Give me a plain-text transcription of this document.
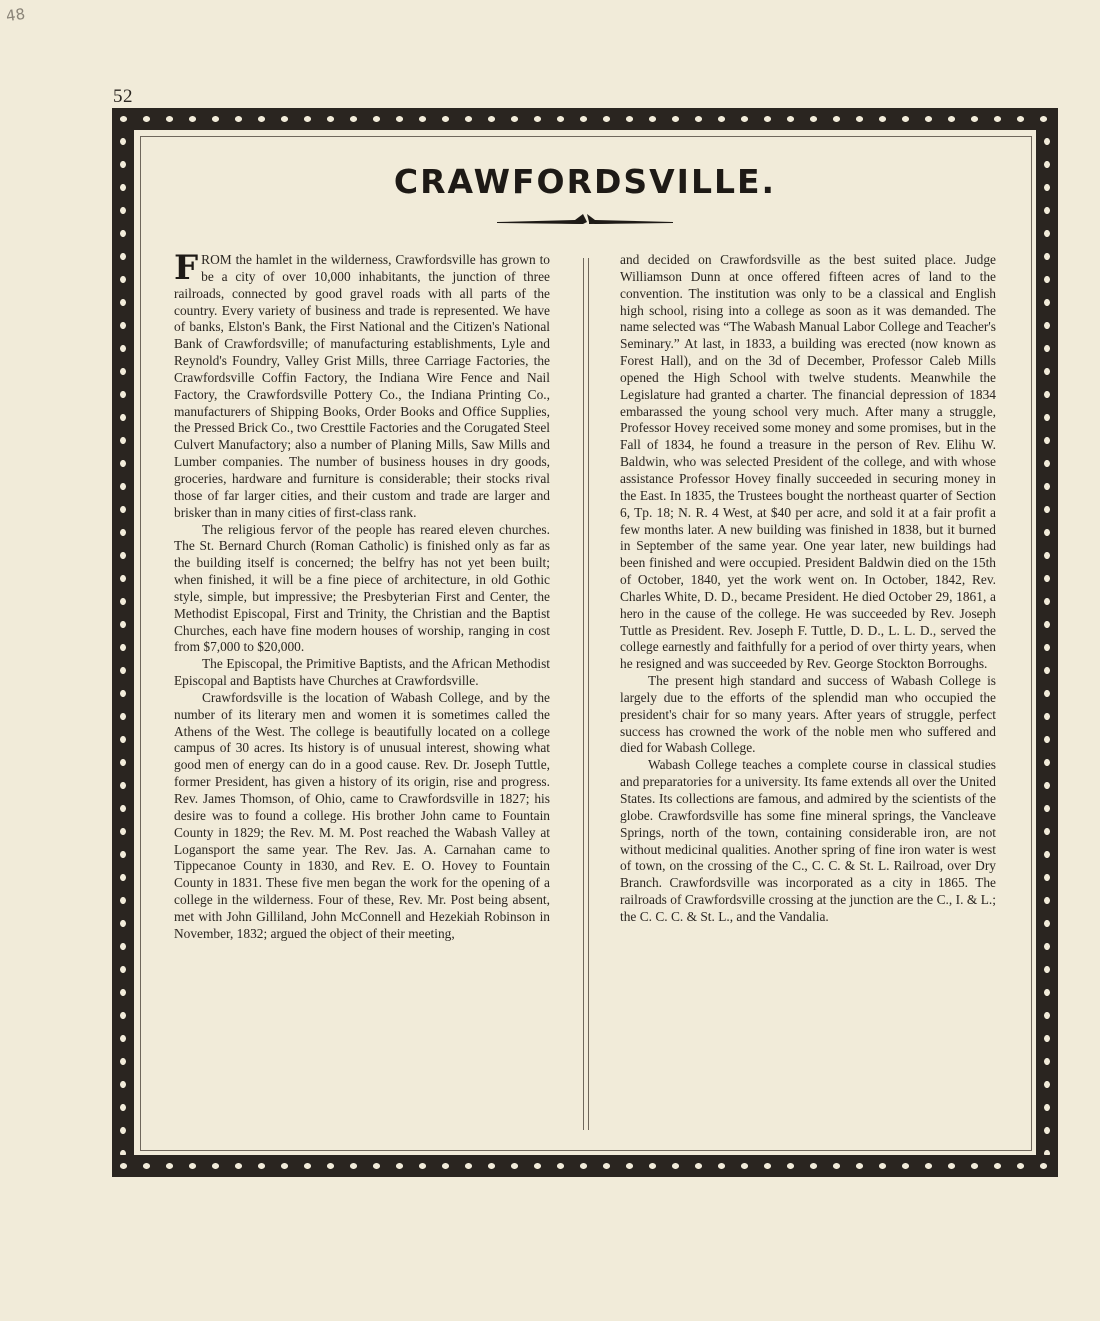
48
52
CRAWFORDSVILLE.

FROM the hamlet in the wilderness, Crawfordsville has grown to be a city of over 10,000 inhabitants, the junction of three railroads, connected by good gravel roads with all parts of the country. Every variety of business and trade is represented. We have of banks, Elston's Bank, the First National and the Citizen's National Bank of Crawfordsville; of manufacturing establishments, Lyle and Reynold's Foundry, Valley Grist Mills, three Carriage Factories, the Crawfordsville Coffin Factory, the Indiana Wire Fence and Nail Factory, the Crawfordsville Pottery Co., the Indiana Printing Co., manufacturers of Shipping Books, Order Books and Office Supplies, the Pressed Brick Co., two Cresttile Factories and the Corugated Steel Culvert Manufactory; also a number of Planing Mills, Saw Mills and Lumber companies. The number of business houses in dry goods, groceries, hardware and furniture is considerable; their stocks rival those of far larger cities, and their custom and trade are larger and brisker than in many cities of first-class rank.

The religious fervor of the people has reared eleven churches. The St. Bernard Church (Roman Catholic) is finished only as far as the building itself is concerned; the belfry has not yet been built; when finished, it will be a fine piece of architecture, in old Gothic style, simple, but impressive; the Presbyterian First and Center, the Methodist Episcopal, First and Trinity, the Christian and the Baptist Churches, each have fine modern houses of worship, ranging in cost from $7,000 to $20,000.

The Episcopal, the Primitive Baptists, and the African Methodist Episcopal and Baptists have Churches at Crawfordsville.

Crawfordsville is the location of Wabash College, and by the number of its literary men and women it is sometimes called the Athens of the West. The college is beautifully located on a college campus of 30 acres. Its history is of unusual interest, showing what good men of energy can do in a good cause. Rev. Dr. Joseph Tuttle, former President, has given a history of its origin, rise and progress. Rev. James Thomson, of Ohio, came to Crawfordsville in 1827; his desire was to found a college. His brother John came to Fountain County in 1829; the Rev. M. M. Post reached the Wabash Valley at Logansport the same year. The Rev. Jas. A. Carnahan came to Tippecanoe County in 1830, and Rev. E. O. Hovey to Fountain County in 1831. These five men began the work for the opening of a college in the wilderness. Four of these, Rev. Mr. Post being absent, met with John Gilliland, John McConnell and Hezekiah Robinson in November, 1832; argued the object of their meeting,

and decided on Crawfordsville as the best suited place. Judge Williamson Dunn at once offered fifteen acres of land to the convention. The institution was only to be a classical and English high school, rising into a college as soon as it was demanded. The name selected was “The Wabash Manual Labor College and Teacher's Seminary.” At last, in 1833, a building was erected (now known as Forest Hall), and on the 3d of December, Professor Caleb Mills opened the High School with twelve students. Meanwhile the Legislature had granted a charter. The financial depression of 1834 embarassed the young school very much. After many a struggle, Professor Hovey received some money and some promises, but in the Fall of 1834, he found a treasure in the person of Rev. Elihu W. Baldwin, who was selected President of the college, and with whose assistance Professor Hovey finally succeeded in securing money in the East. In 1835, the Trustees bought the northeast quarter of Section 6, Tp. 18; N. R. 4 West, at $40 per acre, and sold it at a fair profit a few months later. A new building was finished in 1838, but it burned in September of the same year. One year later, new buildings had been finished and were occupied. President Baldwin died on the 15th of October, 1840, yet the work went on. In October, 1842, Rev. Charles White, D. D., became President. He died October 29, 1861, a hero in the cause of the college. He was succeeded by Rev. Joseph Tuttle as President. Rev. Joseph F. Tuttle, D. D., L. L. D., served the college earnestly and faithfully for a period of over thirty years, when he resigned and was succeeded by Rev. George Stockton Borroughs.

The present high standard and success of Wabash College is largely due to the efforts of the splendid man who occupied the president's chair for so many years. After years of struggle, perfect success has crowned the work of the noble men who suffered and died for Wabash College.

Wabash College teaches a complete course in classical studies and preparatories for a university. Its fame extends all over the United States. Its collections are famous, and admired by the scientists of the globe. Crawfordsville has some fine mineral springs, the Vancleave Springs, north of the town, containing considerable iron, are not without medicinal qualities. Another spring of fine iron water is west of town, on the crossing of the C., C. C. & St. L. Railroad, over Dry Branch. Crawfordsville was incorporated as a city in 1865. The railroads of Crawfordsville crossing at the junction are the C., I. & L.; the C. C. C. & St. L., and the Vandalia.
